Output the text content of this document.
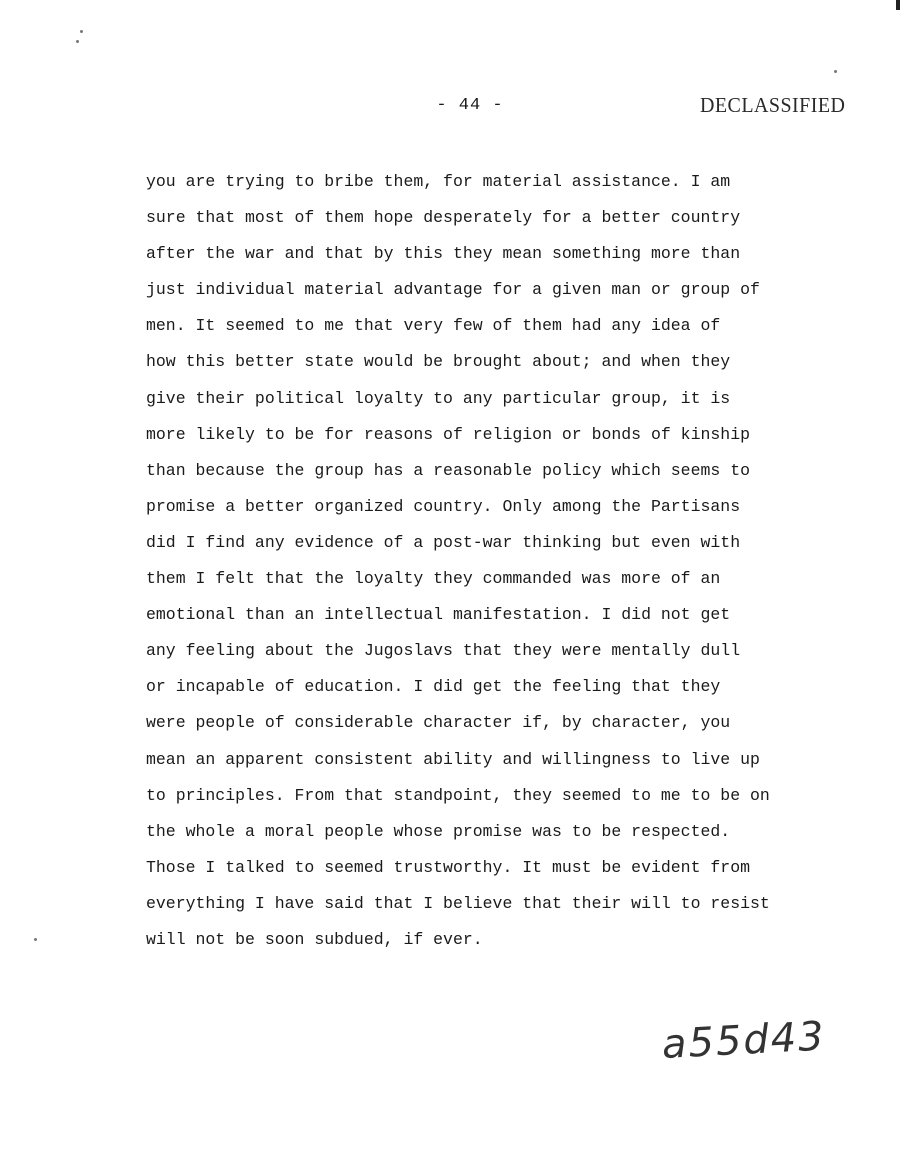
- 44 -	DECLASSIFIED
you are trying to bribe them, for material assistance. I am
sure that most of them hope desperately for a better country
after the war and that by this they mean something more than
just individual material advantage for a given man or group of
men. It seemed to me that very few of them had any idea of
how this better state would be brought about; and when they
give their political loyalty to any particular group, it is
more likely to be for reasons of religion or bonds of kinship
than because the group has a reasonable policy which seems to
promise a better organized country. Only among the Partisans
did I find any evidence of a post-war thinking but even with
them I felt that the loyalty they commanded was more of an
emotional than an intellectual manifestation. I did not get
any feeling about the Jugoslavs that they were mentally dull
or incapable of education. I did get the feeling that they
were people of considerable character if, by character, you
mean an apparent consistent ability and willingness to live up
to principles. From that standpoint, they seemed to me to be on
the whole a moral people whose promise was to be respected.
Those I talked to seemed trustworthy. It must be evident from
everything I have said that I believe that their will to resist
will not be soon subdued, if ever.
a55d43
